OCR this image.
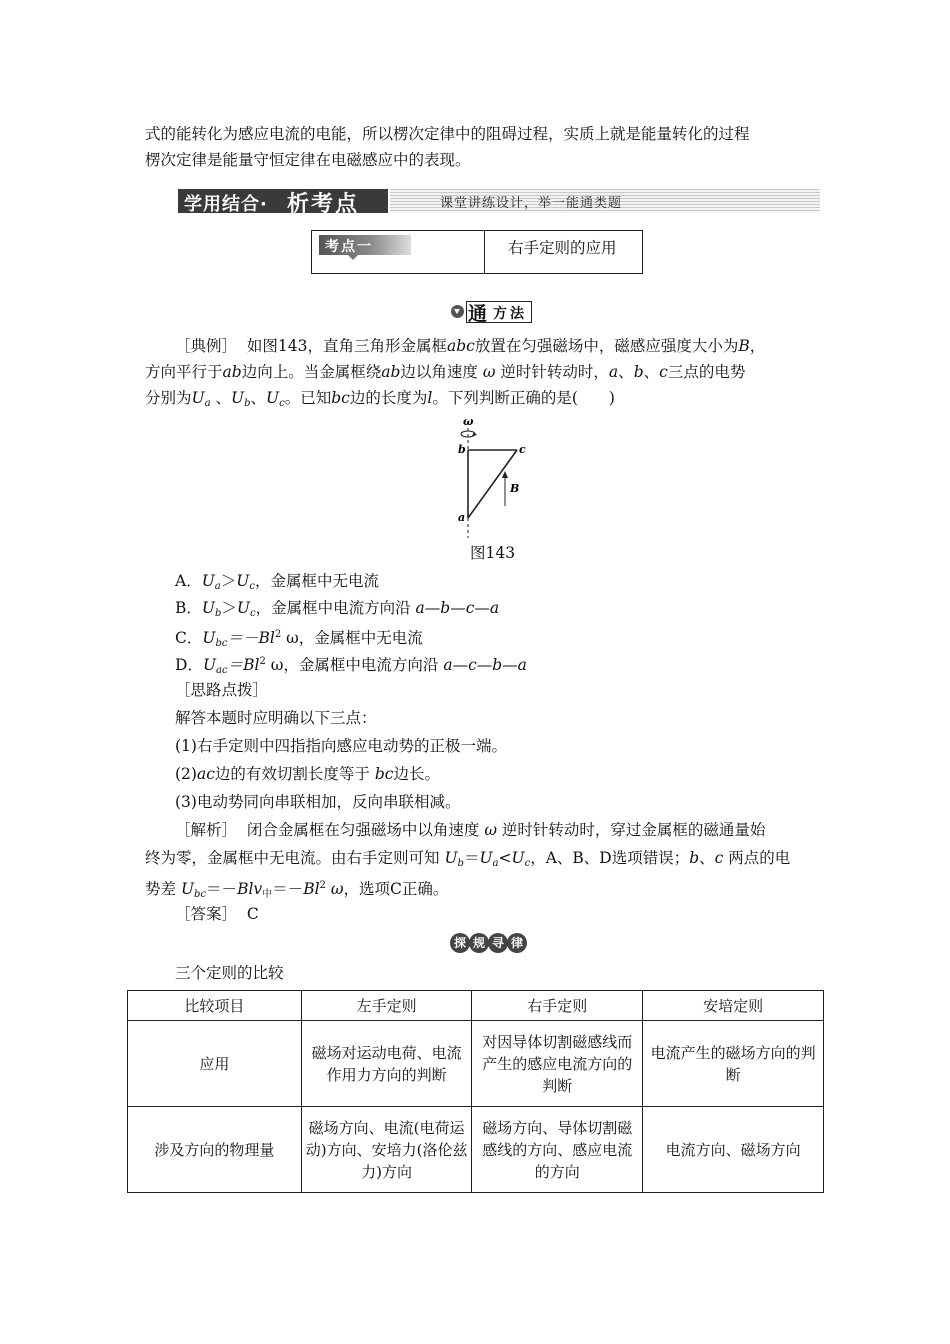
式的能转化为感应电流的电能，所以楞次定律中的阻碍过程，实质上就是能量转化的过程
楞次定律是能量守恒定律在电磁感应中的表现。
学用结合· 析考点	课堂讲练设计，举一能通类题
考点一	右手定则的应用
通 方法
［典例］ 如图143，直角三角形金属框abc放置在匀强磁场中，磁感应强度大小为B，
方向平行于ab边向上。当金属框绕ab边以角速度 ω 逆时针转动时，a、b、c三点的电势
分别为$U_a$ 、$U_b$、$U_c$。已知bc边的长度为l。下列判断正确的是(　　)
ω
b	c
a
B
图143
A．$U_a>U_c$，金属框中无电流
B．$U_b>U_c$，金属框中电流方向沿 a—b—c—a
C．$U_{bc}=-Bl^2$ ω，金属框中无电流
D．$U_{ac}=Bl^2$ ω，金属框中电流方向沿 a—c—b—a
［思路点拨］
解答本题时应明确以下三点：
(1)右手定则中四指指向感应电动势的正极一端。
(2)ac边的有效切割长度等于 bc边长。
(3)电动势同向串联相加，反向串联相减。
［解析］ 闭合金属框在匀强磁场中以角速度 ω 逆时针转动时，穿过金属框的磁通量始
终为零，金属框中无电流。由右手定则可知 $U_b=U_a<U_c$，A、B、D选项错误；b、c 两点的电
势差 $U_{bc}=-Blv_中=-Bl^2$ ω，选项C正确。
［答案］ C
探 规 寻 律
三个定则的比较
比较项目	左手定则	右手定则	安培定则
应用	磁场对运动电荷、电流作用力方向的判断	对因导体切割磁感线而产生的感应电流方向的判断	电流产生的磁场方向的判断
涉及方向的物理量	磁场方向、电流(电荷运动)方向、安培力(洛伦兹力)方向	磁场方向、导体切割磁感线的方向、感应电流的方向	电流方向、磁场方向
